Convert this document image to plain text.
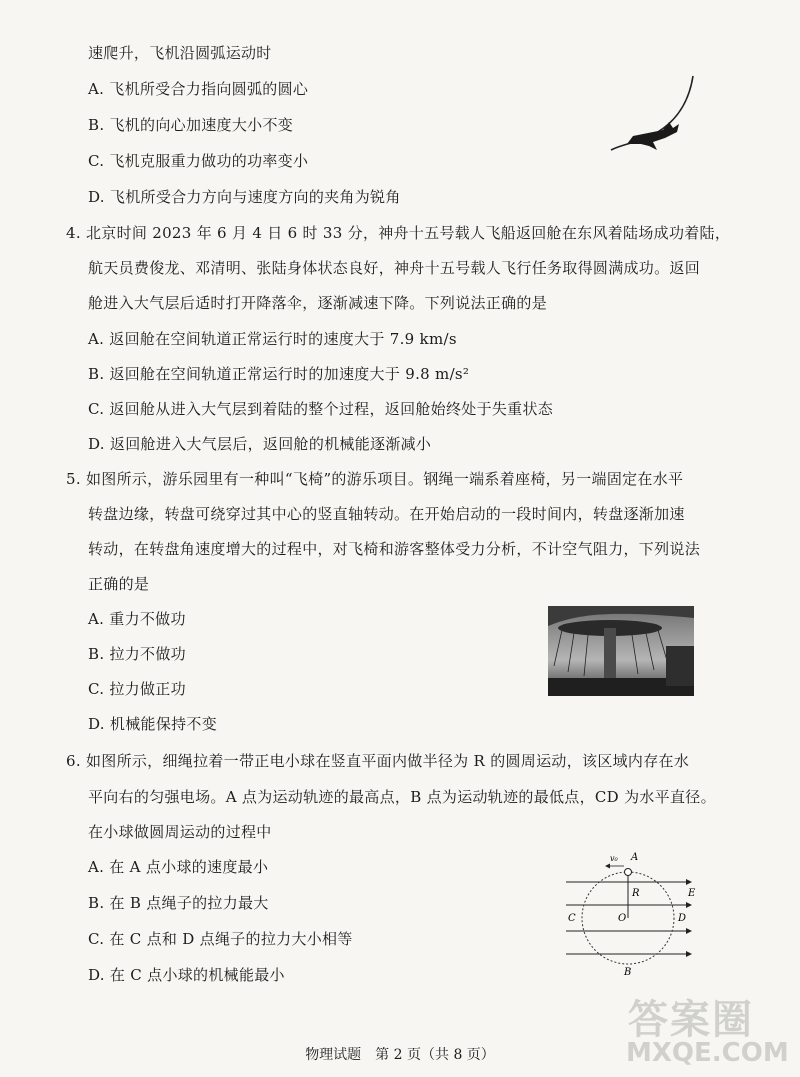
速爬升，飞机沿圆弧运动时
A. 飞机所受合力指向圆弧的圆心
B. 飞机的向心加速度大小不变
C. 飞机克服重力做功的功率变小
D. 飞机所受合力方向与速度方向的夹角为锐角
4. 北京时间 2023 年 6 月 4 日 6 时 33 分，神舟十五号载人飞船返回舱在东风着陆场成功着陆，
航天员费俊龙、邓清明、张陆身体状态良好，神舟十五号载人飞行任务取得圆满成功。返回
舱进入大气层后适时打开降落伞，逐渐减速下降。下列说法正确的是
A. 返回舱在空间轨道正常运行时的速度大于 7.9 km/s
B. 返回舱在空间轨道正常运行时的加速度大于 9.8 m/s²
C. 返回舱从进入大气层到着陆的整个过程，返回舱始终处于失重状态
D. 返回舱进入大气层后，返回舱的机械能逐渐减小
5. 如图所示，游乐园里有一种叫“飞椅”的游乐项目。钢绳一端系着座椅，另一端固定在水平
转盘边缘，转盘可绕穿过其中心的竖直轴转动。在开始启动的一段时间内，转盘逐渐加速
转动，在转盘角速度增大的过程中，对飞椅和游客整体受力分析，不计空气阻力，下列说法
正确的是
A. 重力不做功
B. 拉力不做功
C. 拉力做正功
D. 机械能保持不变
6. 如图所示，细绳拉着一带正电小球在竖直平面内做半径为 R 的圆周运动，该区域内存在水
平向右的匀强电场。A 点为运动轨迹的最高点，B 点为运动轨迹的最低点，CD 为水平直径。
在小球做圆周运动的过程中
A. 在 A 点小球的速度最小
B. 在 B 点绳子的拉力最大
C. 在 C 点和 D 点绳子的拉力大小相等
D. 在 C 点小球的机械能最小
v₀ A
R
O
C	D
E
B
物理试题　第 2 页（共 8 页）
答案圈
MXQE.COM
